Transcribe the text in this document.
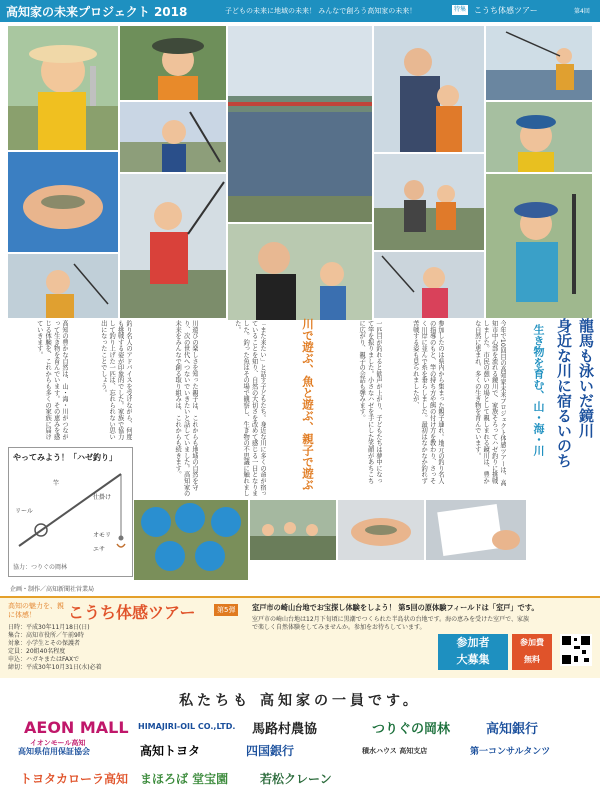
高知家の未来プロジェクト 2018	子どもの未来に地域の未来！ みんなで創ろう高知家の未来！	特集 こうち体感ツアー	第4回
龍馬も泳いだ鏡川
身近な川に宿るいのち
生き物を育む、山・海・川
川で遊ぶ、魚と遊ぶ、親子で遊ぶ	今年で10回目の高知家未来プロジェクト体感ツアーは、高知市中心部を流れる鏡川で、家族そろってハゼ釣りに挑戦しました。市民の憩いの場として親しまれる鏡川は、豊かな自然に恵まれ、多くの生き物を育んでいます。
参加したのは県内から集まった親子連れ。地元の釣り名人の指導のもと、竿の持ち方や餌の付け方を教わり、さっそく川岸に並んで糸を垂らしました。最初はなかなか釣れず苦戦する姿も見られましたが、
一匹目が釣れると歓声が上がり、子どもたちは夢中になって竿を振りました。小さなハゼを手にした笑顔があちこちに広がり、親子の会話も弾みます。
「また来たい」と話す子どもたち。身近な川に多くの命が宿っていることを知り、自然の大切さを改めて感じる一日となりました。釣った魚はその場で観察し、生き物の不思議に触れました。
川遊びの楽しさを知った親子は、これからも地域の自然を守り、次の世代へつないでいきたいと話していました。高知家の未来をみんなで創る取り組みは、これからも続きます。
釣り名人のアドバイスを受けながら、何度も挑戦する姿が印象的でした。家族で協力して釣り上げた一匹は、忘れられない思い出になったことでしょう。
高知の豊かな自然は、山・海・川がつながって生き物を育んでいます。その恵みを感じる体験を、これからも多くの家族に届けていきます。
やってみよう！「ハゼ釣り」
竿
リール
仕掛け
オモリ
エサ
協力：つりぐの岡林
企画・制作／高知新聞社営業局
高知の魅力を、親に体感！	こうち体感ツアー	第5弾	室戸市の崎山台地でお宝探し体験をしよう！ 第5回の原体験フィールドは「室戸」です。
室戸市の崎山台地は12月下旬頃に黒潮でつくられた半島状の台地です。海の恵みを受けた室戸で、家族で楽しく自然体験をしてみませんか。参加をお待ちしています。
日時：平成30年11月18日(日)
集合：高知市役所／午前9時
対象：小学生とその保護者
定員：20組40名程度
申込：ハガキまたはFAXで
締切：平成30年10月31日(水)必着
参加者
大募集
参加費
無料
私たちも 高知家の一員です。
AEON MALL
イオンモール高知
HIMAJIRI-OIL CO.,LTD. 馬路村農協	つりぐの岡林	高知銀行
高知県信用保証協会	高知トヨタ	四国銀行	積水ハウス 高知支店	第一コンサルタンツ
トヨタカローラ高知 まほろば 堂宝園	若松クレーン
